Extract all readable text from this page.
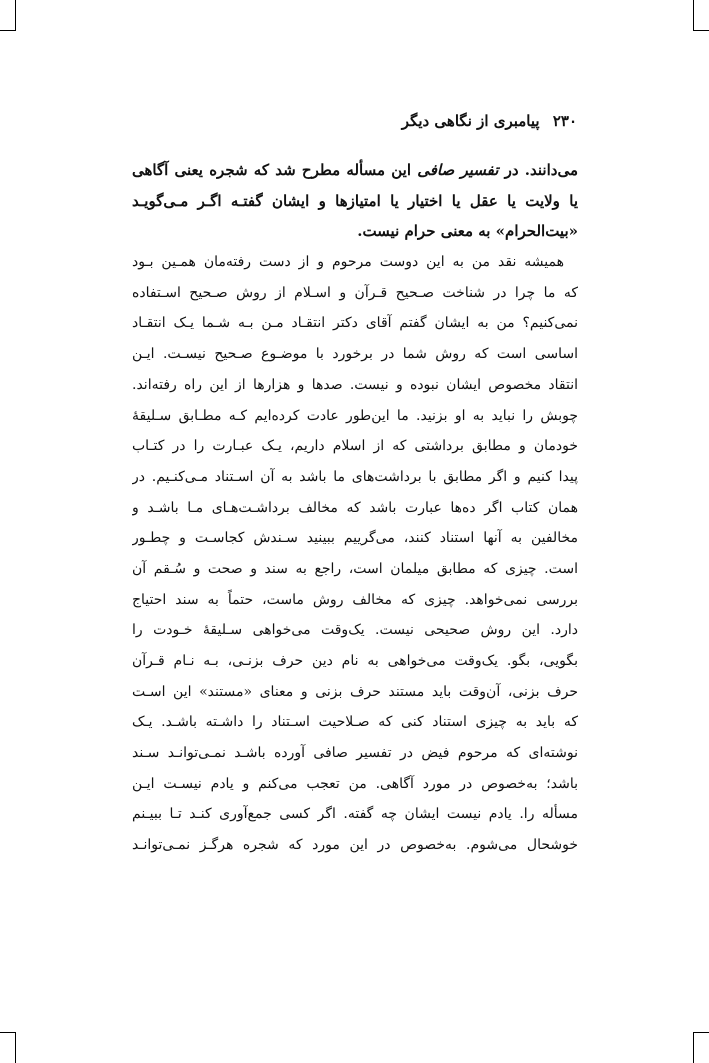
۲۳۰ پیامبری از نگاهی دیگر
می‌دانند. در تفسیر صافی این مسأله مطرح شد که شجره یعنی آگاهی
یا ولایت یا عقل یا اختیار یا امتیازها و ایشان گفتـه اگـر مـی‌گویـد
«بیت‌الحرام» به معنی حرام نیست.
همیشه نقد من به این دوست مرحوم و از دست رفته‌مان همـین بـود
که ما چرا در شناخت صـحیح قـرآن و اسـلام از روش صـحیح اسـتفاده
نمی‌کنیم؟ من به ایشان گفتم آقای دکتر انتقـاد مـن بـه شـما یـک انتقـاد
اساسی است که روش شما در برخورد با موضـوع صـحیح نیسـت. ایـن
انتقاد مخصوص ایشان نبوده و نیست. صدها و هزارها از این راه رفته‌اند.
چوبش را نباید به او بزنید. ما این‌طور عادت کرده‌ایم کـه مطـابق سـلیقهٔ
خودمان و مطابق برداشتی که از اسلام داریم، یـک عبـارت را در کتـاب
پیدا کنیم و اگر مطابق با برداشت‌های ما باشد به آن اسـتناد مـی‌کنـیم. در
همان کتاب اگر ده‌ها عبارت باشد که مخالف برداشـت‌هـای مـا باشـد و
مخالفین به آنها استناد کنند، می‌گرییم ببینید سـندش کجاسـت و چطـور
است. چیزی که مطابق میلمان است، راجع به سند و صحت و سُـقم آن
بررسی نمی‌خواهد. چیزی که مخالف روش ماست، حتماً به سند احتیاج
دارد. این روش صحیحی نیست. یک‌وقت می‌خواهی سـلیقهٔ خـودت را
بگویی، بگو. یک‌وقت می‌خواهی به نام دین حرف بزنـی، بـه نـام قـرآن
حرف بزنی، آن‌وقت باید مستند حرف بزنی و معنای «مستند» این اسـت
که باید به چیزی استناد کنی که صـلاحیت اسـتناد را داشـته باشـد. یـک
نوشته‌ای که مرحوم فیض در تفسیر صافی آورده باشـد نمـی‌توانـد سـند
باشد؛ به‌خصوص در مورد آگاهی. من تعجب می‌کنم و یادم نیسـت ایـن
مسأله را. یادم نیست ایشان چه گفته. اگر کسی جمع‌آوری کنـد تـا ببیـنم
خوشحال می‌شوم. به‌خصوص در این مورد که شجره هرگـز نمـی‌توانـد
